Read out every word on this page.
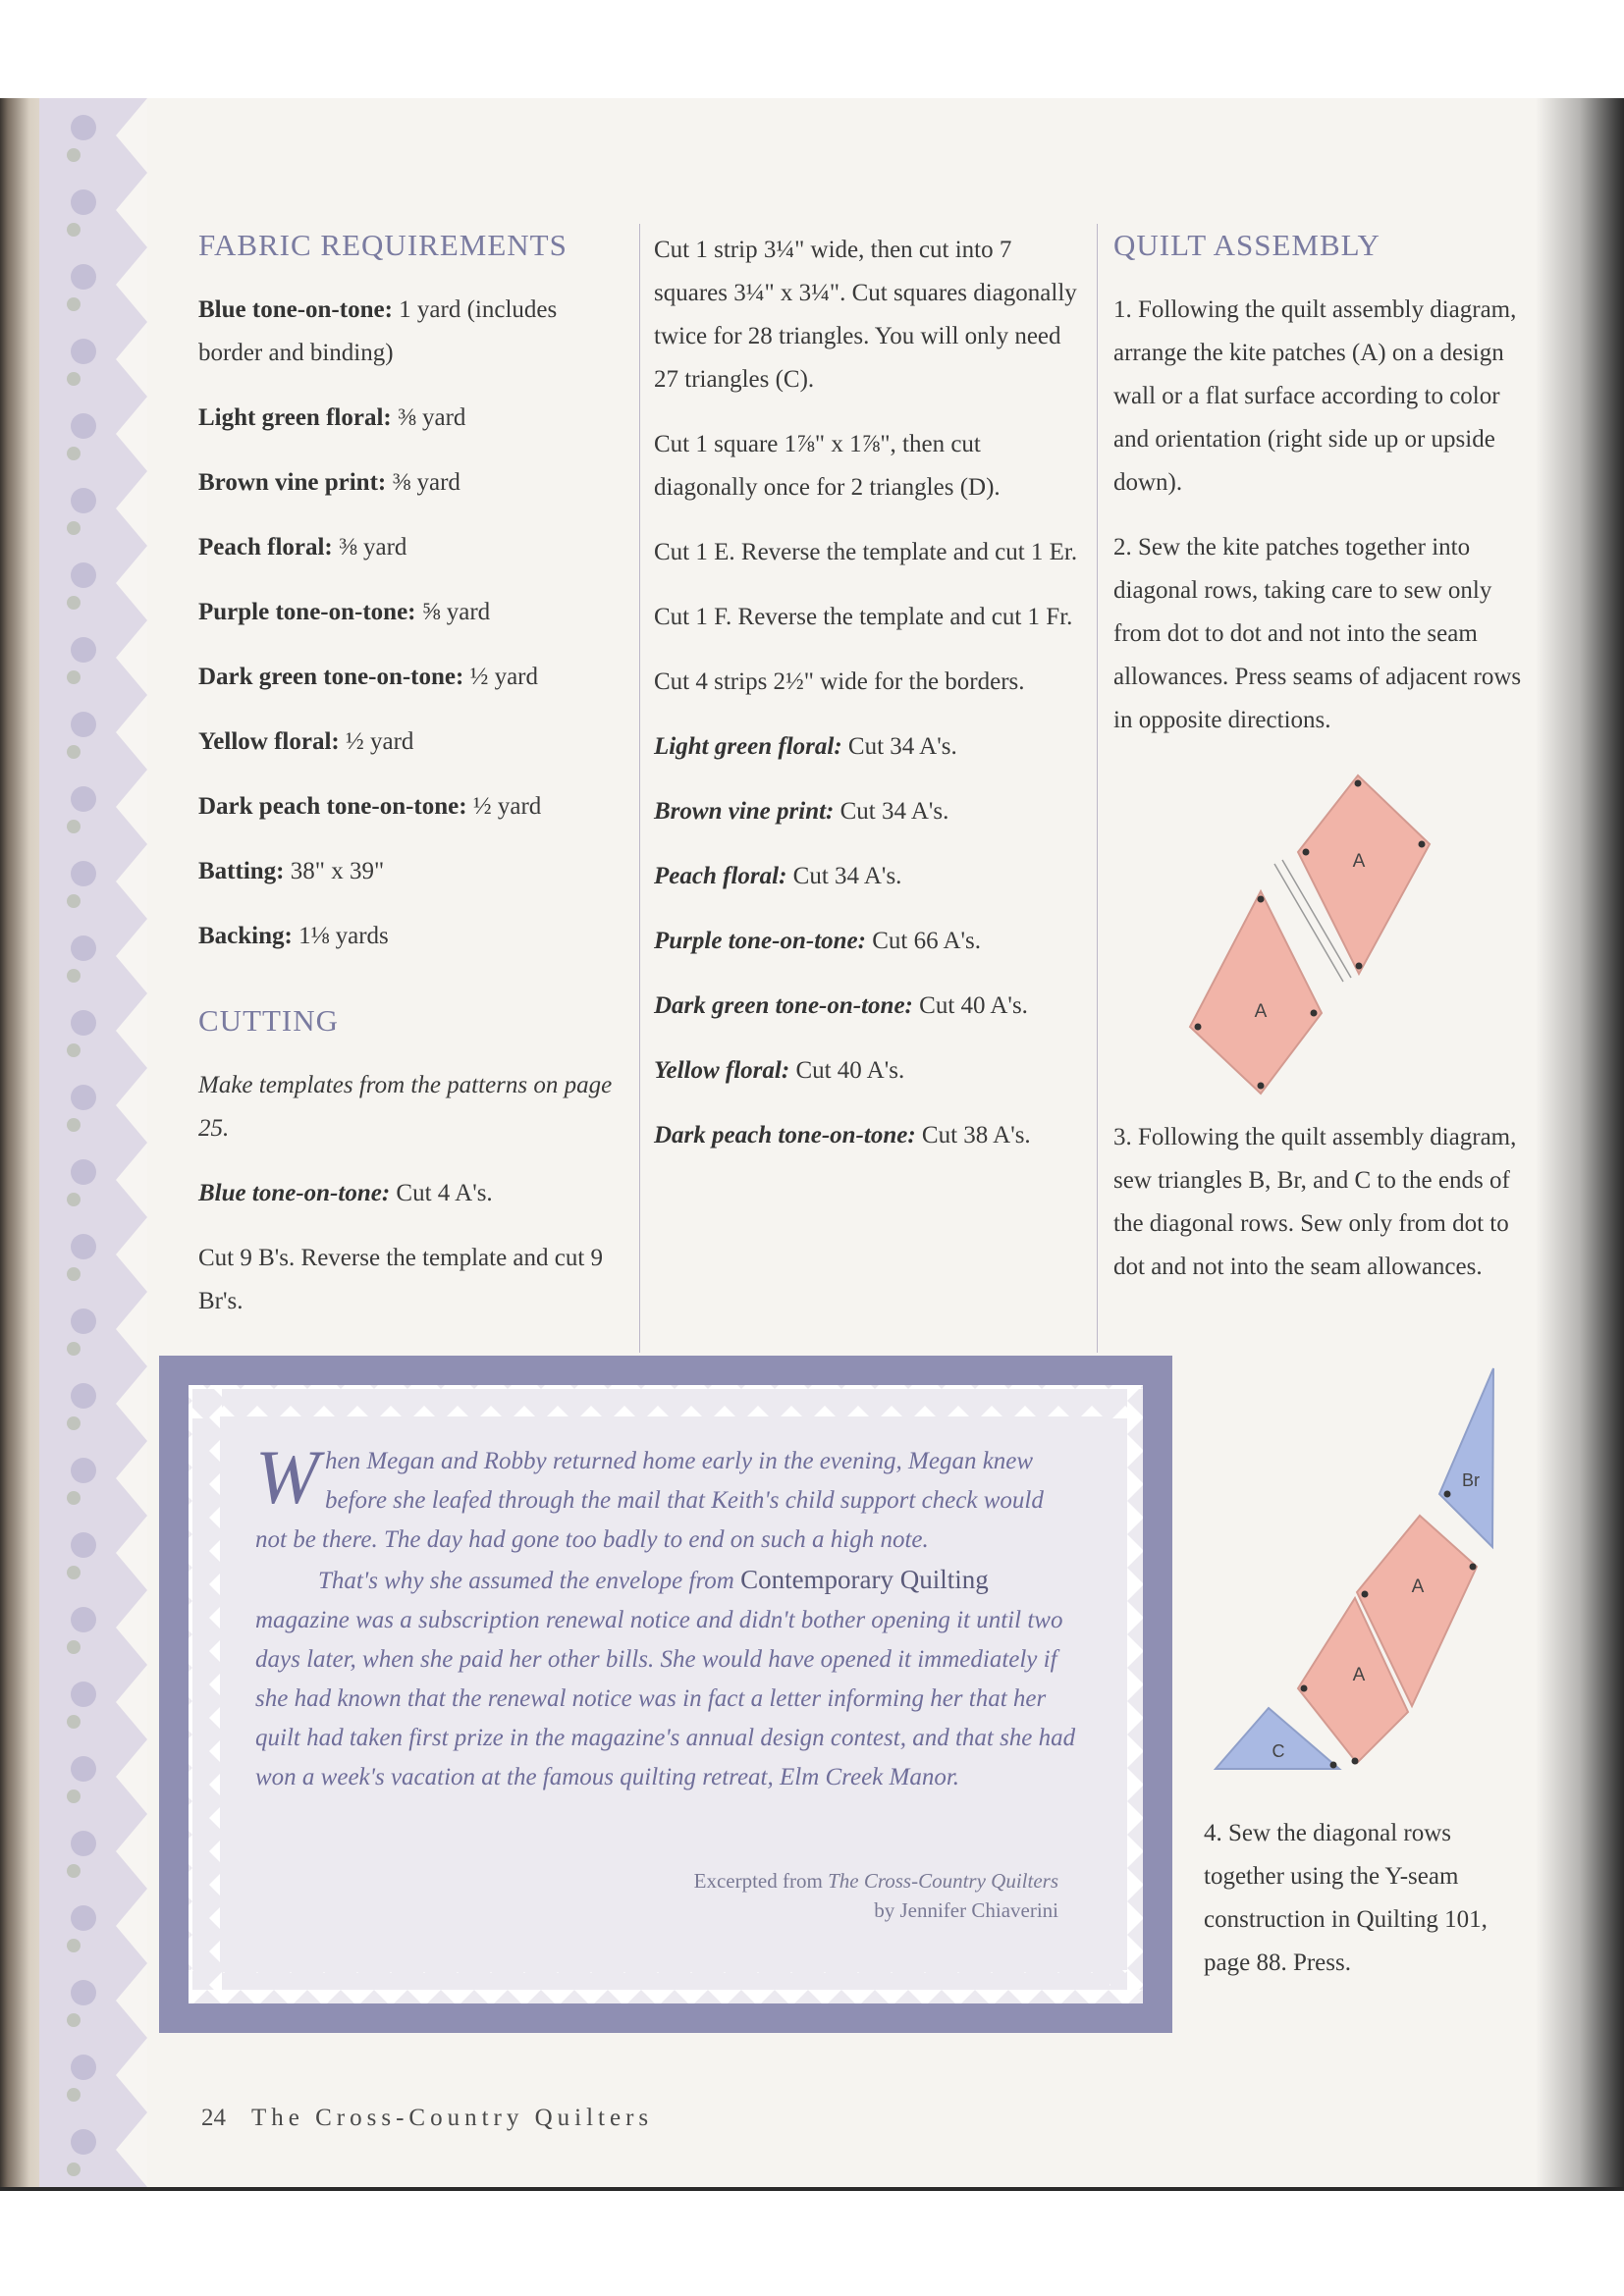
FABRIC REQUIREMENTS

Blue tone-on-tone: 1 yard (includes border and binding)

Light green floral: ⅜ yard

Brown vine print: ⅜ yard

Peach floral: ⅜ yard

Purple tone-on-tone: ⅝ yard

Dark green tone-on-tone: ½ yard

Yellow floral: ½ yard

Dark peach tone-on-tone: ½ yard

Batting: 38" x 39"

Backing: 1⅛ yards

CUTTING

Make templates from the patterns on page 25.

Blue tone-on-tone: Cut 4 A's.

Cut 9 B's. Reverse the template and cut 9 Br's.

Cut 1 strip 3¼" wide, then cut into 7 squares 3¼" x 3¼". Cut squares diagonally twice for 28 triangles. You will only need 27 triangles (C).

Cut 1 square 1⅞" x 1⅞", then cut diagonally once for 2 triangles (D).

Cut 1 E. Reverse the template and cut 1 Er.

Cut 1 F. Reverse the template and cut 1 Fr.

Cut 4 strips 2½" wide for the borders.

Light green floral: Cut 34 A's.

Brown vine print: Cut 34 A's.

Peach floral: Cut 34 A's.

Purple tone-on-tone: Cut 66 A's.

Dark green tone-on-tone: Cut 40 A's.

Yellow floral: Cut 40 A's.

Dark peach tone-on-tone: Cut 38 A's.

QUILT ASSEMBLY

1. Following the quilt assembly diagram, arrange the kite patches (A) on a design wall or a flat surface according to color and orientation (right side up or upside down).

2. Sew the kite patches together into diagonal rows, taking care to sew only from dot to dot and not into the seam allowances. Press seams of adjacent rows in opposite directions.

A
A

3. Following the quilt assembly diagram, sew triangles B, Br, and C to the ends of the diagonal rows. Sew only from dot to dot and not into the seam allowances.

Br
A
A
C

4. Sew the diagonal rows together using the Y-seam construction in Quilting 101, page 88. Press.

When Megan and Robby returned home early in the evening, Megan knew before she leafed through the mail that Keith's child support check would not be there. The day had gone too badly to end on such a high note.

That's why she assumed the envelope from Contemporary Quilting magazine was a subscription renewal notice and didn't bother opening it until two days later, when she paid her other bills. She would have opened it immediately if she had known that the renewal notice was in fact a letter informing her that her quilt had taken first prize in the magazine's annual design contest, and that she had won a week's vacation at the famous quilting retreat, Elm Creek Manor.

Excerpted from The Cross-Country Quilters
by Jennifer Chiaverini
24 The Cross-Country Quilters
